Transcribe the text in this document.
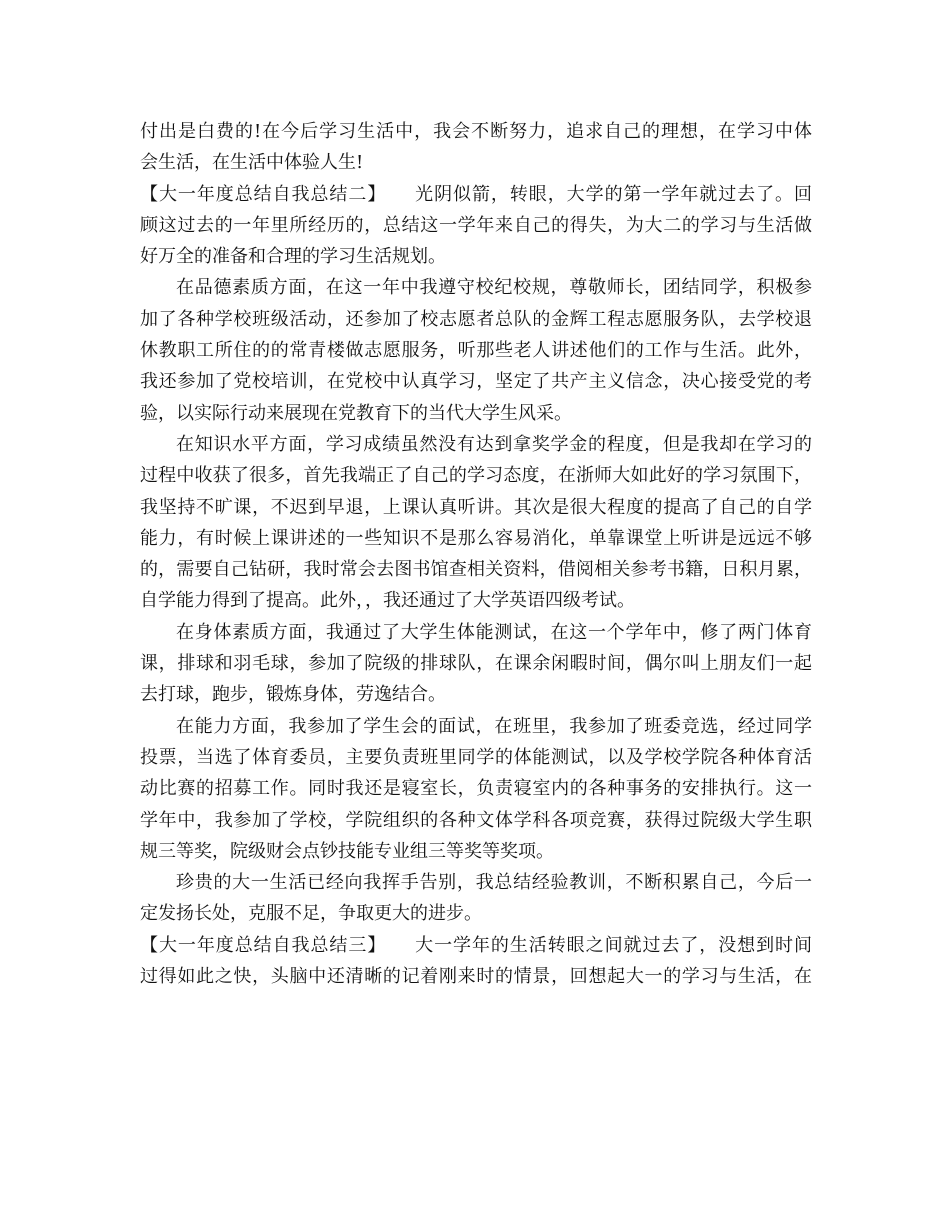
付出是白费的!在今后学习生活中，我会不断努力，追求自己的理想，在学习中体
会生活，在生活中体验人生!
【大一年度总结自我总结二】　　光阴似箭，转眼，大学的第一学年就过去了。回
顾这过去的一年里所经历的，总结这一学年来自己的得失，为大二的学习与生活做
好万全的准备和合理的学习生活规划。
在品德素质方面，在这一年中我遵守校纪校规，尊敬师长，团结同学，积极参
加了各种学校班级活动，还参加了校志愿者总队的金辉工程志愿服务队，去学校退
休教职工所住的的常青楼做志愿服务，听那些老人讲述他们的工作与生活。此外，
我还参加了党校培训，在党校中认真学习，坚定了共产主义信念，决心接受党的考
验，以实际行动来展现在党教育下的当代大学生风采。
在知识水平方面，学习成绩虽然没有达到拿奖学金的程度，但是我却在学习的
过程中收获了很多，首先我端正了自己的学习态度，在浙师大如此好的学习氛围下，
我坚持不旷课，不迟到早退，上课认真听讲。其次是很大程度的提高了自己的自学
能力，有时候上课讲述的一些知识不是那么容易消化，单靠课堂上听讲是远远不够
的，需要自己钻研，我时常会去图书馆查相关资料，借阅相关参考书籍，日积月累，
自学能力得到了提高。此外，，我还通过了大学英语四级考试。
在身体素质方面，我通过了大学生体能测试，在这一个学年中，修了两门体育
课，排球和羽毛球，参加了院级的排球队，在课余闲暇时间，偶尔叫上朋友们一起
去打球，跑步，锻炼身体，劳逸结合。
在能力方面，我参加了学生会的面试，在班里，我参加了班委竞选，经过同学
投票，当选了体育委员，主要负责班里同学的体能测试，以及学校学院各种体育活
动比赛的招募工作。同时我还是寝室长，负责寝室内的各种事务的安排执行。这一
学年中，我参加了学校，学院组织的各种文体学科各项竞赛，获得过院级大学生职
规三等奖，院级财会点钞技能专业组三等奖等奖项。
珍贵的大一生活已经向我挥手告别，我总结经验教训，不断积累自己，今后一
定发扬长处，克服不足，争取更大的进步。
【大一年度总结自我总结三】　　大一学年的生活转眼之间就过去了，没想到时间
过得如此之快，头脑中还清晰的记着刚来时的情景，回想起大一的学习与生活，在
